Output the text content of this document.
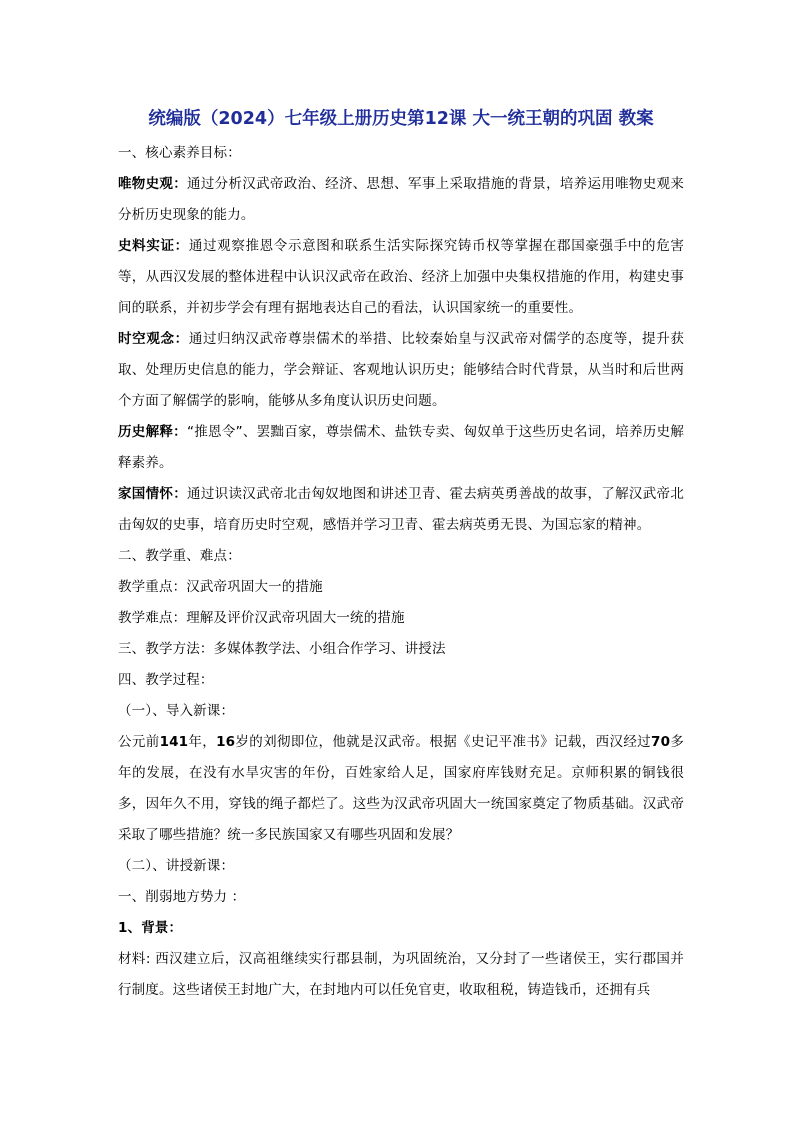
统编版（2024）七年级上册历史第12课 大一统王朝的巩固 教案

一、核心素养目标：

唯物史观：通过分析汉武帝政治、经济、思想、军事上采取措施的背景，培养运用唯物史观来分析历史现象的能力。

史料实证：通过观察推恩令示意图和联系生活实际探究铸币权等掌握在郡国豪强手中的危害等，从西汉发展的整体进程中认识汉武帝在政治、经济上加强中央集权措施的作用，构建史事间的联系，并初步学会有理有据地表达自己的看法，认识国家统一的重要性。

时空观念：通过归纳汉武帝尊崇儒术的举措、比较秦始皇与汉武帝对儒学的态度等，提升获取、处理历史信息的能力，学会辩证、客观地认识历史；能够结合时代背景，从当时和后世两个方面了解儒学的影响，能够从多角度认识历史问题。

历史解释：“推恩令”、罢黜百家，尊崇儒术、盐铁专卖、匈奴单于这些历史名词，培养历史解释素养。

家国情怀：通过识读汉武帝北击匈奴地图和讲述卫青、霍去病英勇善战的故事，了解汉武帝北击匈奴的史事，培育历史时空观，感悟并学习卫青、霍去病英勇无畏、为国忘家的精神。

二、教学重、难点：

教学重点：汉武帝巩固大一的措施

教学难点：理解及评价汉武帝巩固大一统的措施

三、教学方法：多媒体教学法、小组合作学习、讲授法

四、教学过程：

（一）、导入新课：

公元前141年，16岁的刘彻即位，他就是汉武帝。根据《史记平准书》记载，西汉经过70多年的发展，在没有水旱灾害的年份，百姓家给人足，国家府库钱财充足。京师积累的铜钱很多，因年久不用，穿钱的绳子都烂了。这些为汉武帝巩固大一统国家奠定了物质基础。汉武帝采取了哪些措施？统一多民族国家又有哪些巩固和发展？

（二）、讲授新课：

一、削弱地方势力 ：

1、背景：

材料: 西汉建立后，汉高祖继续实行郡县制，为巩固统治，又分封了一些诸侯王，实行郡国并行制度。这些诸侯王封地广大，在封地内可以任免官吏，收取租税，铸造钱币，还拥有兵
